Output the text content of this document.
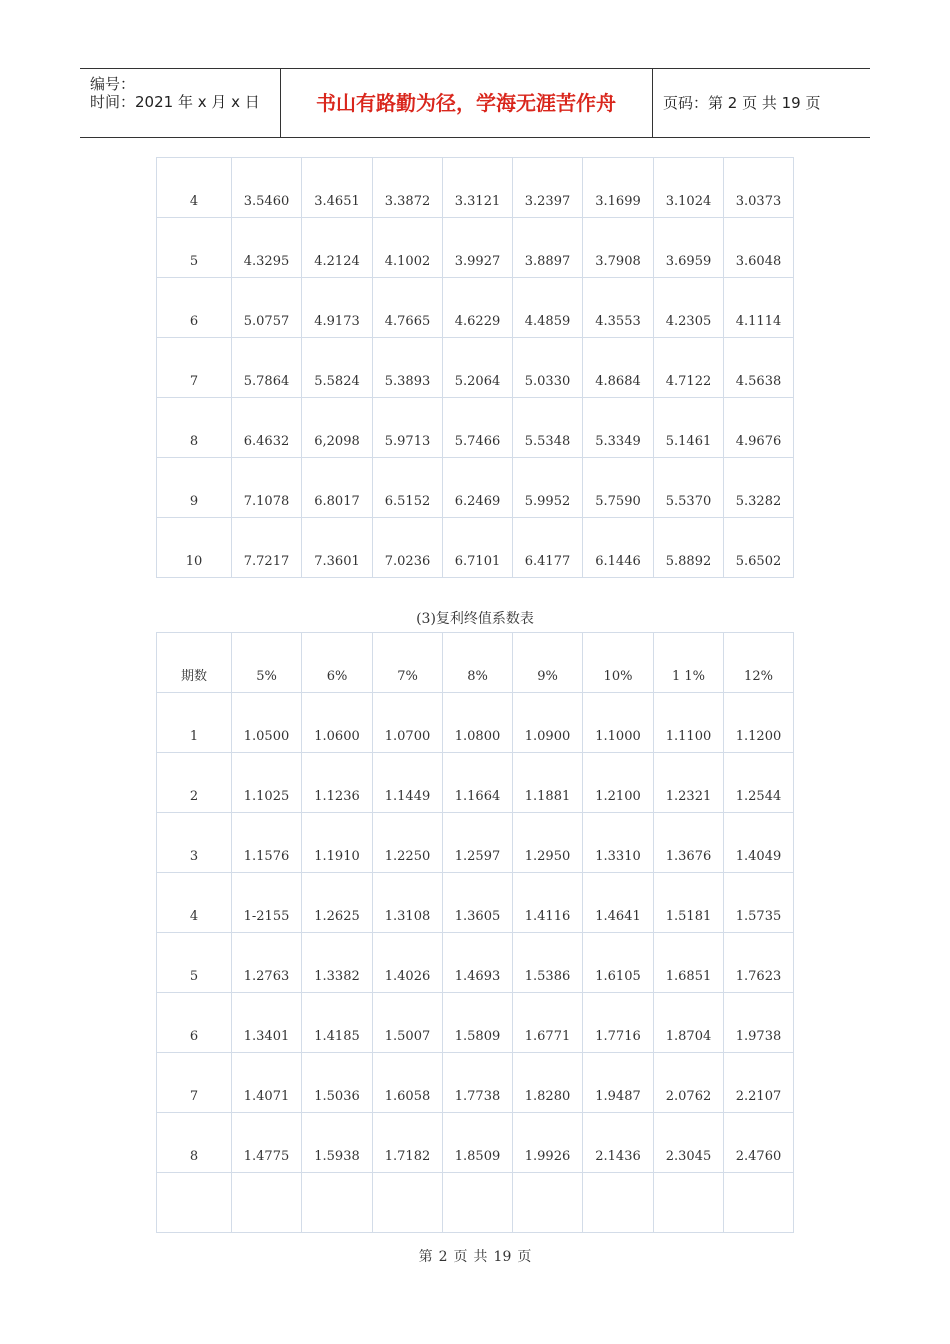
编号：
时间：2021 年 x 月 x 日	书山有路勤为径，学海无涯苦作舟	页码：第 2 页 共 19 页
4	3.5460	3.4651	3.3872	3.3121	3.2397	3.1699	3.1024	3.0373
5	4.3295	4.2124	4.1002	3.9927	3.8897	3.7908	3.6959	3.6048
6	5.0757	4.9173	4.7665	4.6229	4.4859	4.3553	4.2305	4.1114
7	5.7864	5.5824	5.3893	5.2064	5.0330	4.8684	4.7122	4.5638
8	6.4632	6,2098	5.9713	5.7466	5.5348	5.3349	5.1461	4.9676
9	7.1078	6.8017	6.5152	6.2469	5.9952	5.7590	5.5370	5.3282
10	7.7217	7.3601	7.0236	6.7101	6.4177	6.1446	5.8892	5.6502
(3)复利终值系数表
期数	5%	6%	7%	8%	9%	10%	1 1%	12%
1	1.0500	1.0600	1.0700	1.0800	1.0900	1.1000	1.1100	1.1200
2	1.1025	1.1236	1.1449	1.1664	1.1881	1.2100	1.2321	1.2544
3	1.1576	1.1910	1.2250	1.2597	1.2950	1.3310	1.3676	1.4049
4	1-2155	1.2625	1.3108	1.3605	1.4116	1.4641	1.5181	1.5735
5	1.2763	1.3382	1.4026	1.4693	1.5386	1.6105	1.6851	1.7623
6	1.3401	1.4185	1.5007	1.5809	1.6771	1.7716	1.8704	1.9738
7	1.4071	1.5036	1.6058	1.7738	1.8280	1.9487	2.0762	2.2107
8	1.4775	1.5938	1.7182	1.8509	1.9926	2.1436	2.3045	2.4760

第 2 页 共 19 页
